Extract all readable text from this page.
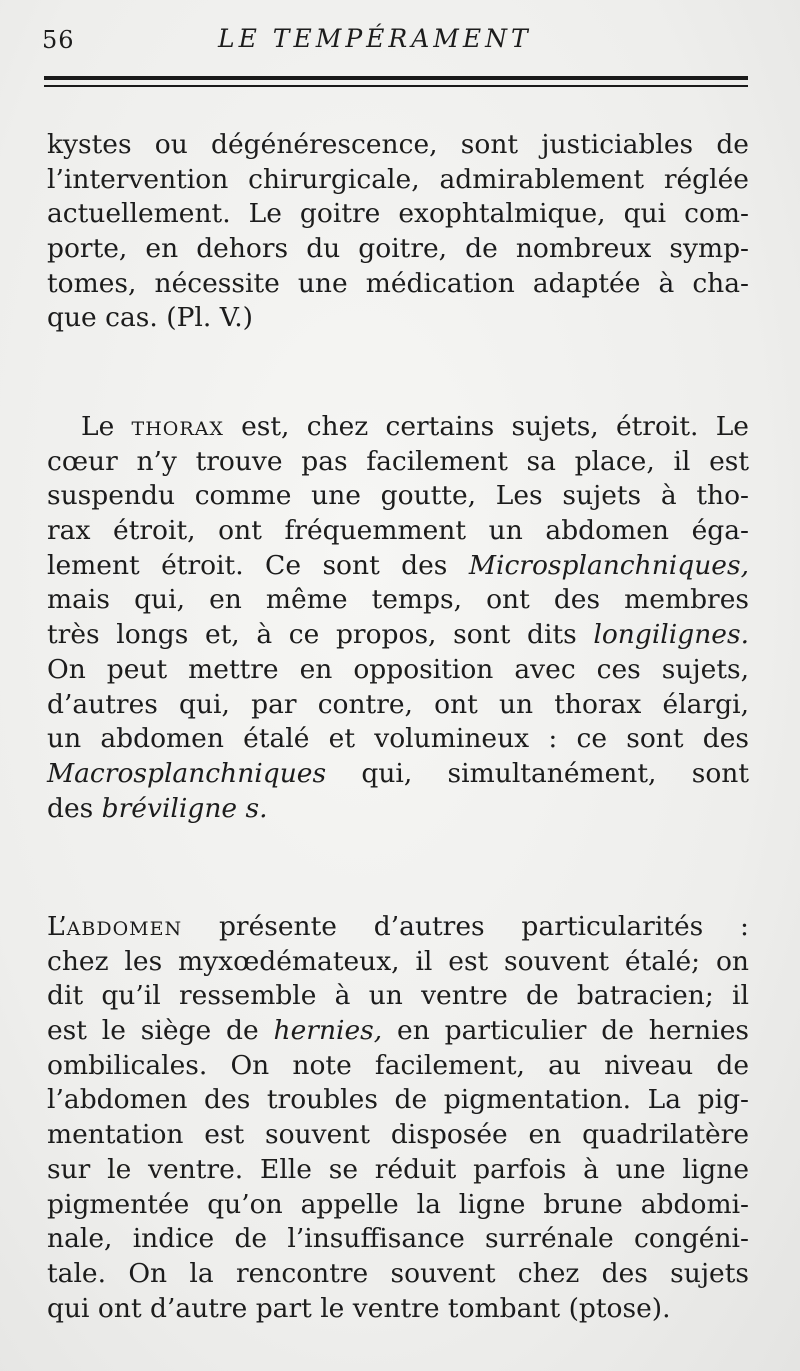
56	LE TEMPÉRAMENT
kystes ou dégénérescence, sont justiciables de
l’intervention chirurgicale, admirablement réglée
actuellement. Le goitre exophtalmique, qui com-
porte, en dehors du goitre, de nombreux symp-
tomes, nécessite une médication adaptée à cha-
que cas. (Pl. V.)
Le thorax est, chez certains sujets, étroit. Le
cœur n’y trouve pas facilement sa place, il est
suspendu comme une goutte, Les sujets à tho-
rax étroit, ont fréquemment un abdomen éga-
lement étroit. Ce sont des Microsplanchniques,
mais qui, en même temps, ont des membres
très longs et, à ce propos, sont dits longilignes.
On peut mettre en opposition avec ces sujets,
d’autres qui, par contre, ont un thorax élargi,
un abdomen étalé et volumineux : ce sont des
Macrosplanchniques qui, simultanément, sont
des bréviligne s.
L’abdomen présente d’autres particularités :
chez les myxœdémateux, il est souvent étalé; on
dit qu’il ressemble à un ventre de batracien; il
est le siège de hernies, en particulier de hernies
ombilicales. On note facilement, au niveau de
l’abdomen des troubles de pigmentation. La pig-
mentation est souvent disposée en quadrilatère
sur le ventre. Elle se réduit parfois à une ligne
pigmentée qu’on appelle la ligne brune abdomi-
nale, indice de l’insuffisance surrénale congéni-
tale. On la rencontre souvent chez des sujets
qui ont d’autre part le ventre tombant (ptose).
